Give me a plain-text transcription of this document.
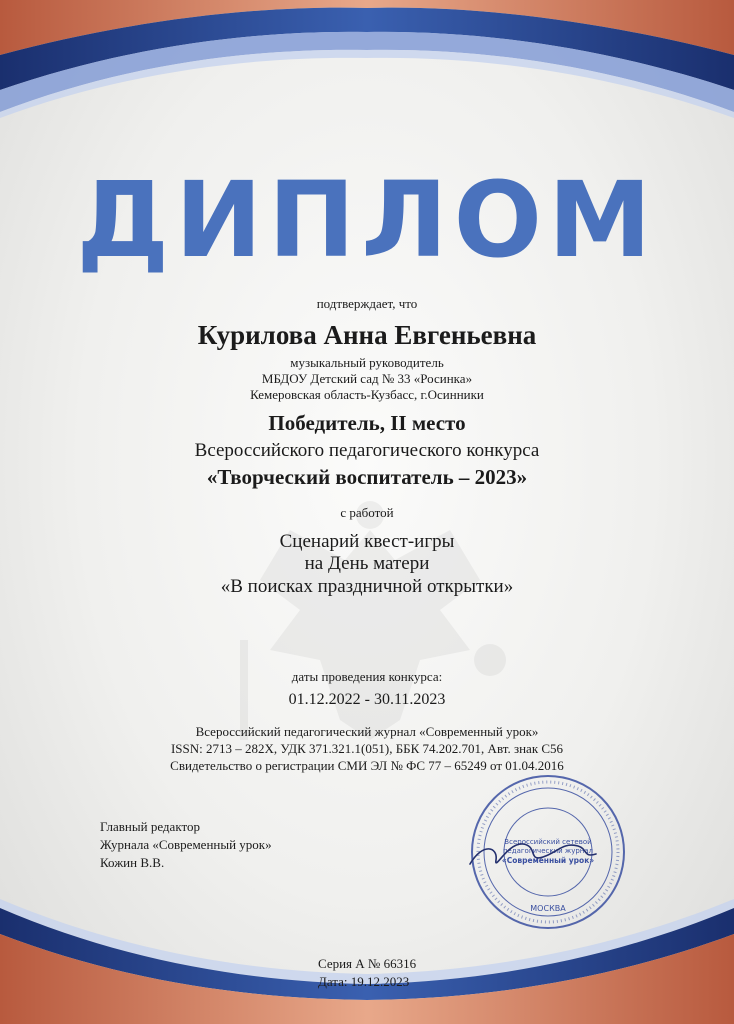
ДИПЛОМ
подтверждает, что
Курилова Анна Евгеньевна
музыкальный руководитель
МБДОУ Детский сад № 33 «Росинка»
Кемеровская область-Кузбасс, г.Осинники
Победитель, II место
Всероссийского педагогического конкурса
«Творческий воспитатель – 2023»
с работой
Сценарий квест-игры
на День матери
«В поисках праздничной открытки»
даты проведения конкурса:
01.12.2022 - 30.11.2023
Всероссийский педагогический журнал «Современный урок»
ISSN: 2713 – 282X, УДК 371.321.1(051), ББК 74.202.701, Авт. знак С56
Свидетельство о регистрации СМИ ЭЛ № ФС 77 – 65249 от 01.04.2016
Главный редактор
Журнала «Современный урок»
Кожин В.В.
Всероссийский сетевой
педагогический журнал
«Современный урок»
МОСКВА
Серия А № 66316
Дата: 19.12.2023
